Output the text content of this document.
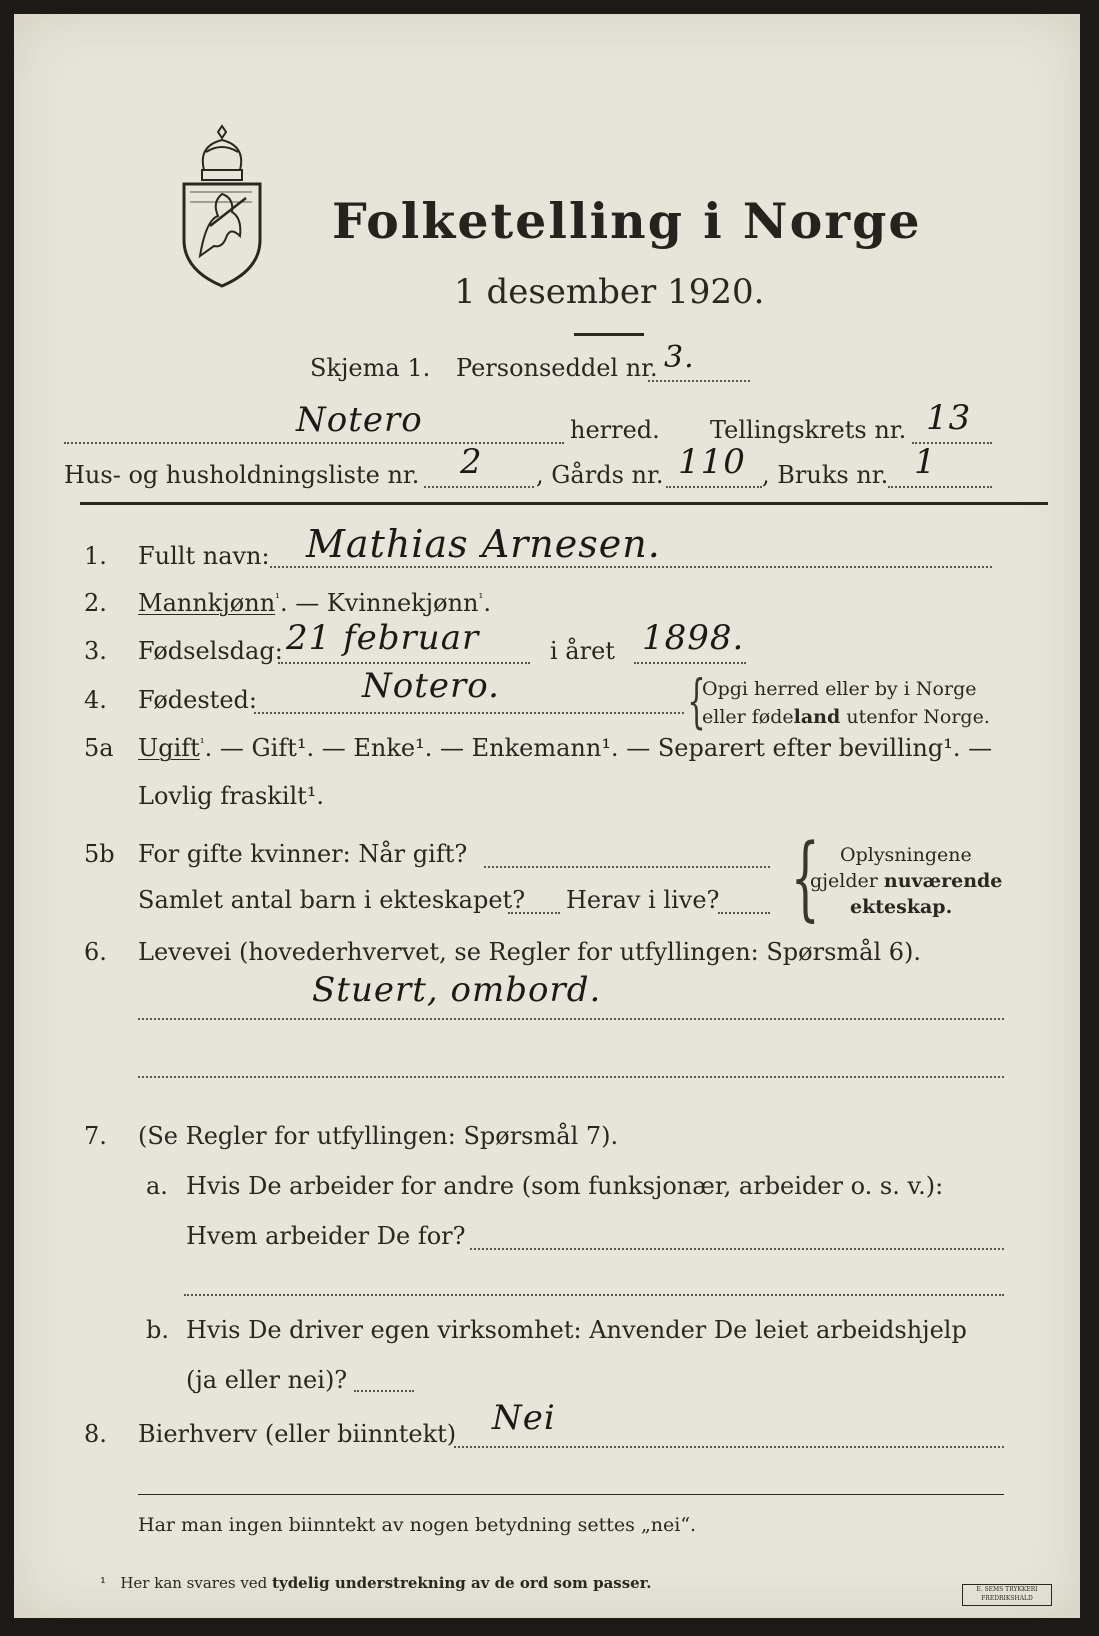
Folketelling i Norge
1 desember 1920.
Skjema 1. Personseddel nr. 3.
Notero	herred. Tellingskrets nr. 13
Hus- og husholdningsliste nr. 2 , Gårds nr. 110 , Bruks nr. 1
1. Fullt navn: Mathias Arnesen.
2. Mannkjønn$^{^1}$. — Kvinnekjønn$^{^1}$.
3. Fødselsdag: 21 februar	i året 1898.
4. Fødested:	Notero.	{
Opgi herred eller by i Norge
eller fødeland utenfor Norge.
5a Ugift$^{^1}$. — Gift¹. — Enke¹. — Enkemann¹. — Separert efter bevilling¹. —
Lovlig fraskilt¹.
5b For gifte kvinner: Når gift?
Samlet antal barn i ekteskapet? Herav i live? { Oplysningene
gjelder nuværende
ekteskap.
6. Levevei (hovederhvervet, se Regler for utfyllingen: Spørsmål 6).
Stuert, ombord.
7. (Se Regler for utfyllingen: Spørsmål 7).
a. Hvis De arbeider for andre (som funksjonær, arbeider o. s. v.):
Hvem arbeider De for?
b. Hvis De driver egen virksomhet: Anvender De leiet arbeidshjelp
(ja eller nei)?
8. Bierhverv (eller biinntekt) Nei
Har man ingen biinntekt av nogen betydning settes „nei“.
¹ Her kan svares ved tydelig understrekning av de ord som passer.	E. SEMS TRYKKERI FREDRIKSHALD
